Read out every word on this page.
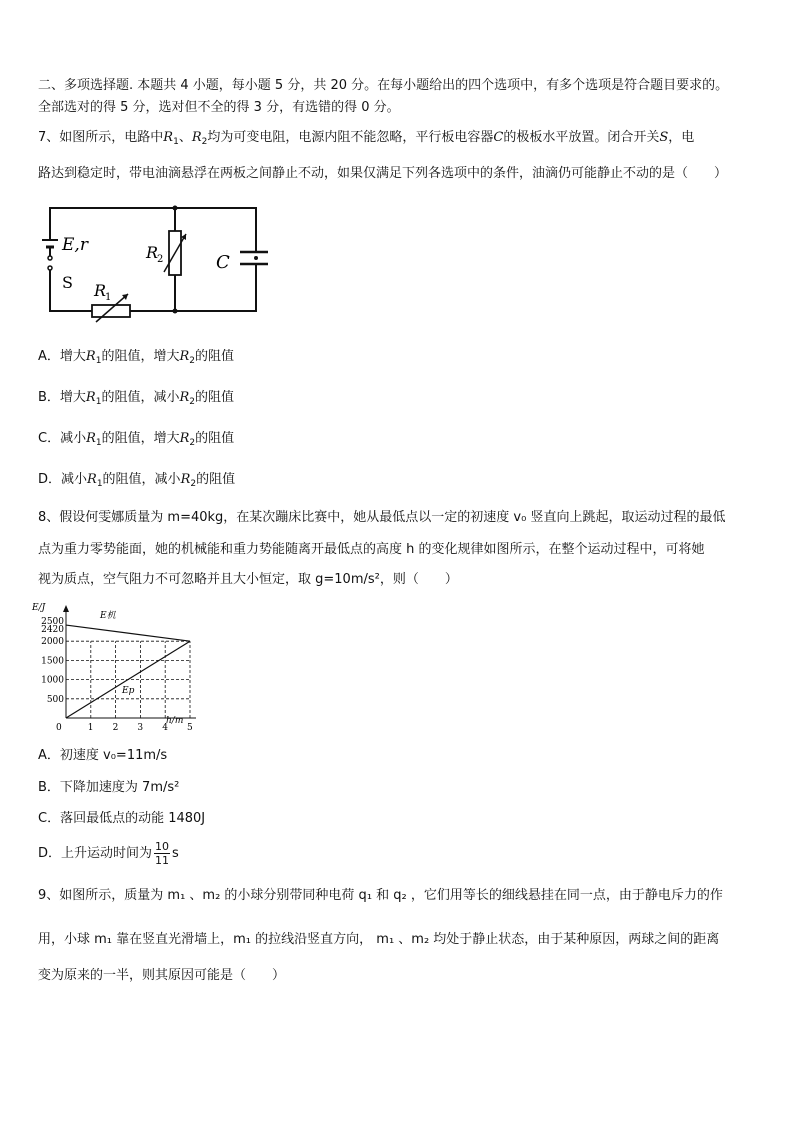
二、多项选择题. 本题共 4 小题，每小题 5 分，共 20 分。在每小题给出的四个选项中，有多个选项是符合题目要求的。
全部选对的得 5 分，选对但不全的得 3 分，有选错的得 0 分。
7、如图所示，电路中$R_1$、$R_2$均为可变电阻，电源内阻不能忽略，平行板电容器C的极板水平放置。闭合开关S，电
路达到稳定时，带电油滴悬浮在两板之间静止不动，如果仅满足下列各选项中的条件，油滴仍可能静止不动的是（　　）
E,r
S R
1
R
2	C
A．增大$R_1$的阻值，增大$R_2$的阻值
B．增大$R_1$的阻值，减小$R_2$的阻值
C．减小$R_1$的阻值，增大$R_2$的阻值
D．减小$R_1$的阻值，减小$R_2$的阻值
8、假设何雯娜质量为 m=40kg，在某次蹦床比赛中，她从最低点以一定的初速度 v₀ 竖直向上跳起，取运动过程的最低
点为重力零势能面，她的机械能和重力势能随离开最低点的高度 h 的变化规律如图所示，在整个运动过程中，可将她
视为质点，空气阻力不可忽略并且大小恒定，取 g=10m/s²，则（　　）
0	1 2 3 4 5
500
1000
1500
2000
2420
2500
E/J
h/m
E机
Ep
A．初速度 v₀=11m/s
B．下降加速度为 7m/s²
C．落回最低点的动能 1480J
D．上升运动时间为 $\frac{10}{11}$ s
9、如图所示，质量为 m₁ 、m₂ 的小球分别带同种电荷 q₁ 和 q₂ ，它们用等长的细线悬挂在同一点，由于静电斥力的作
用，小球 m₁ 靠在竖直光滑墙上，m₁ 的拉线沿竖直方向， m₁ 、m₂ 均处于静止状态，由于某种原因，两球之间的距离
变为原来的一半，则其原因可能是（　　）
